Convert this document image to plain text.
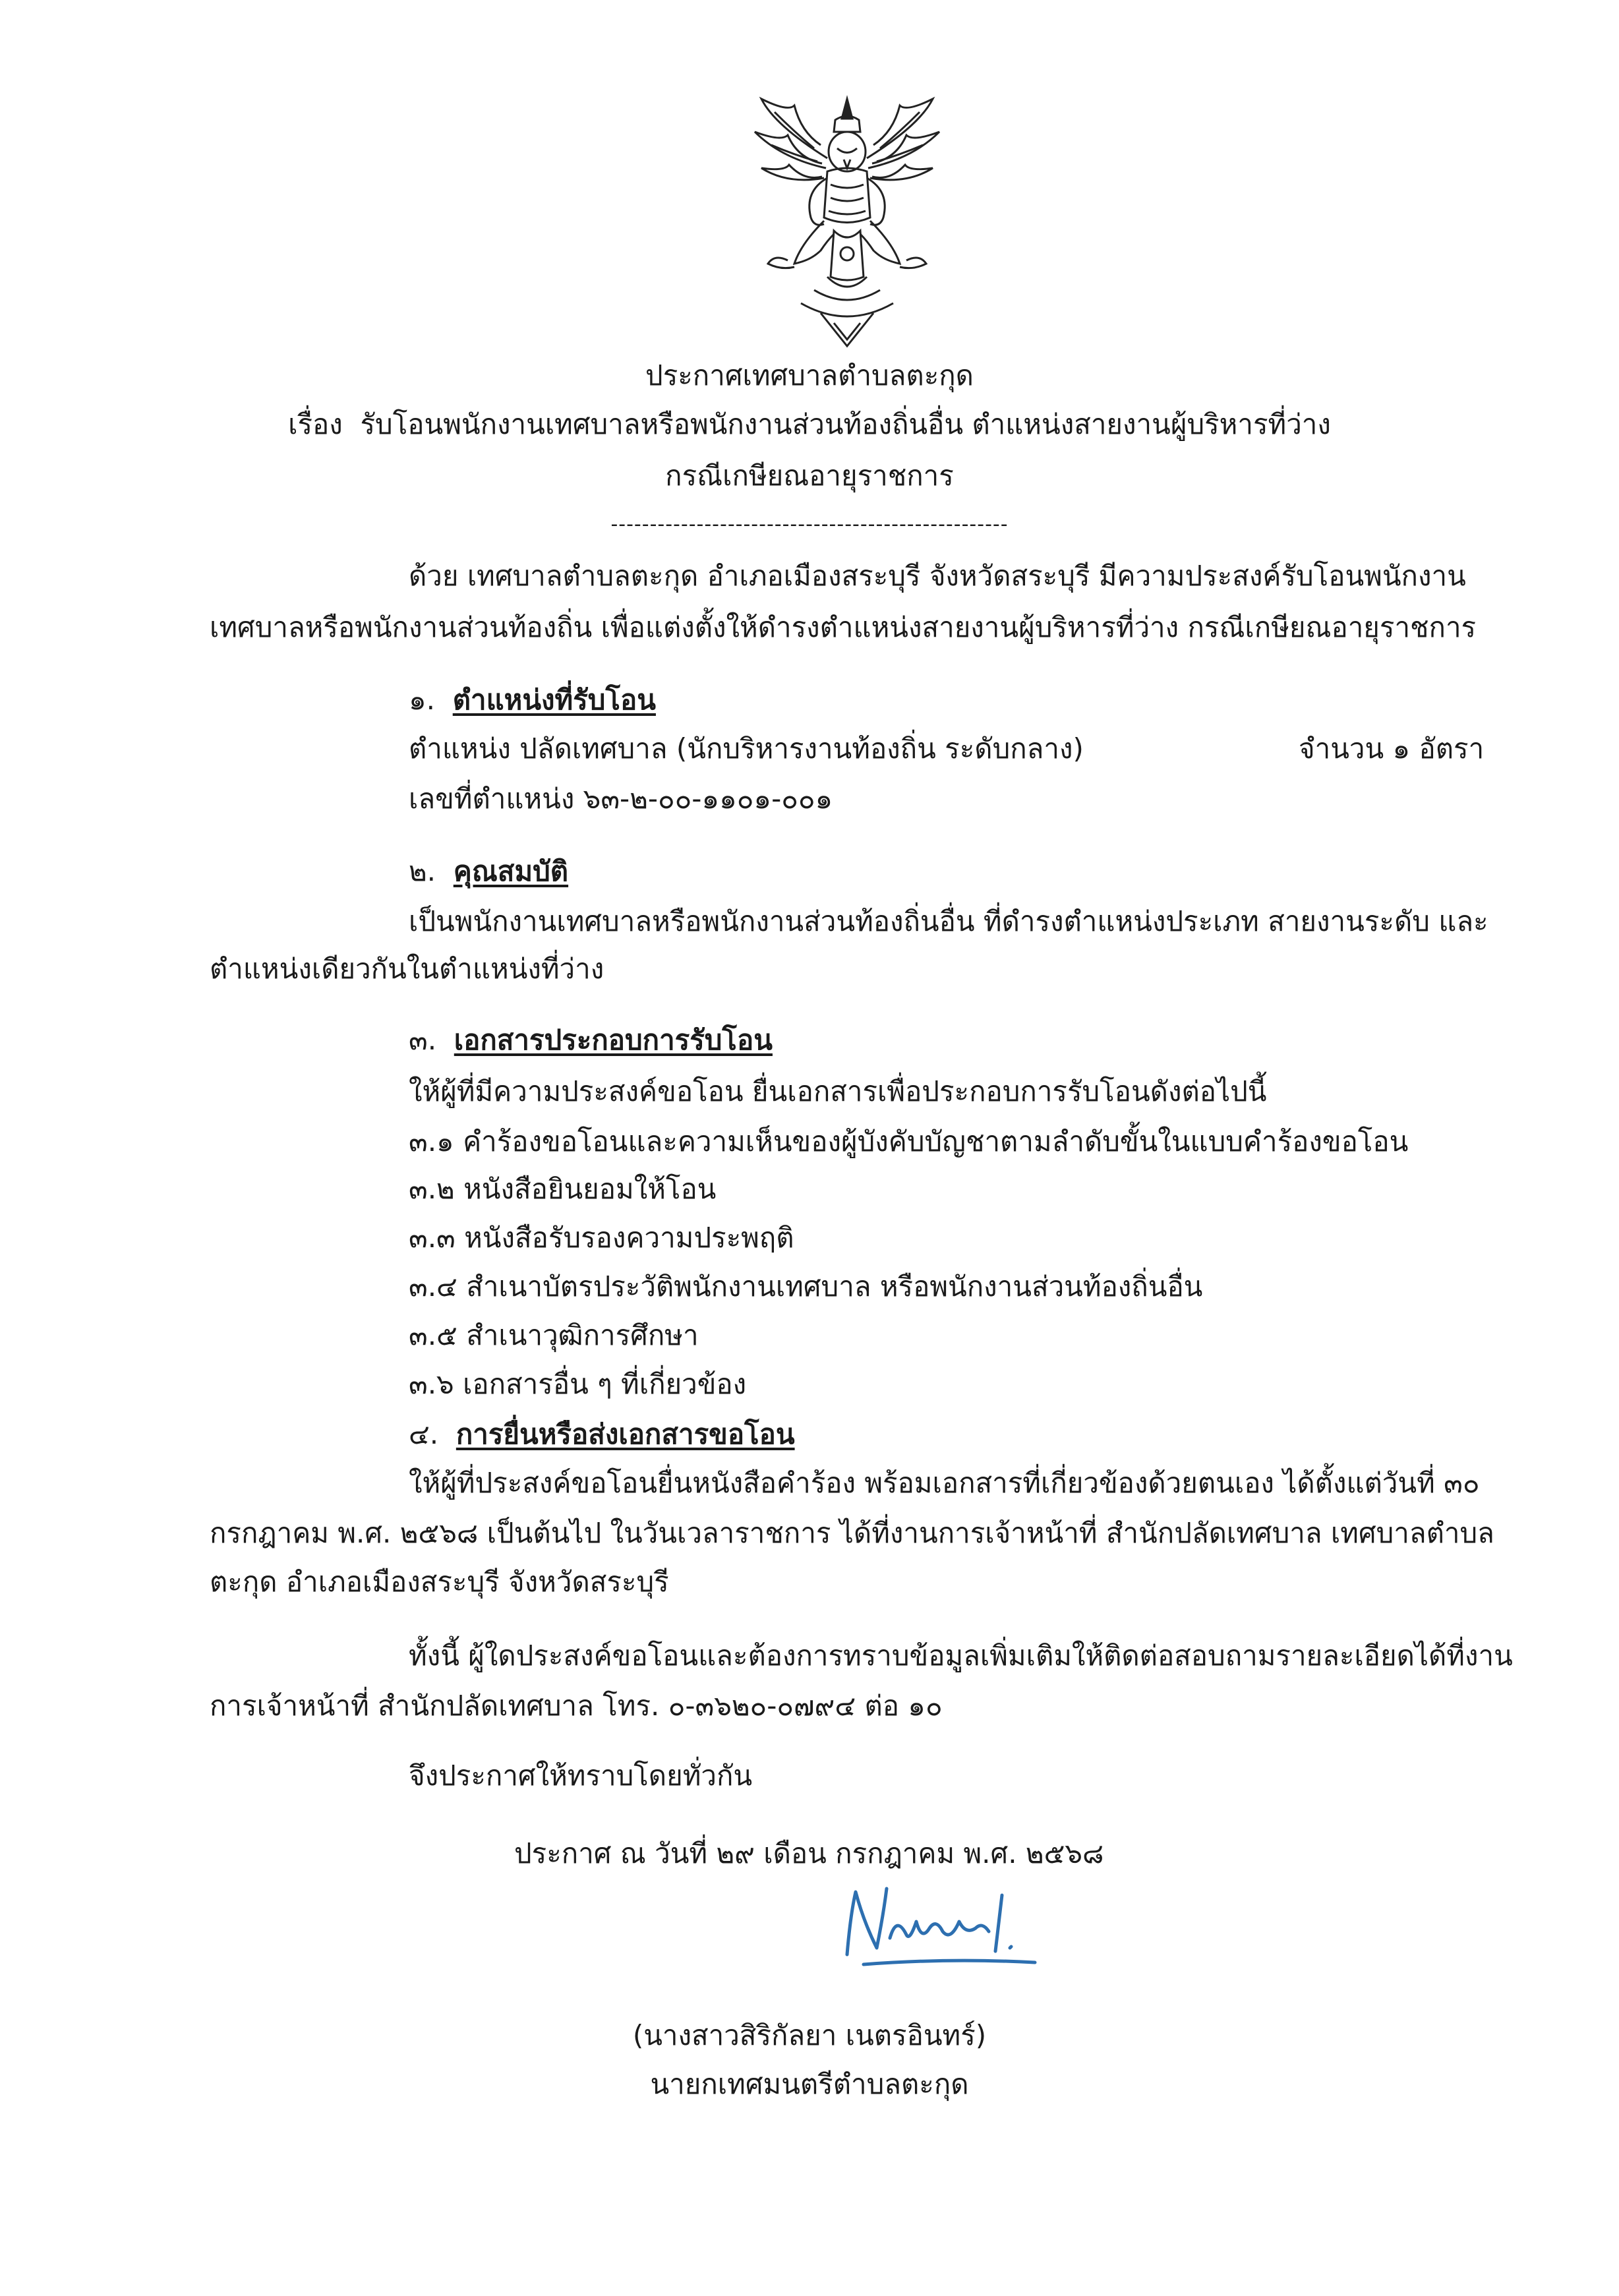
ประกาศเทศบาลตำบลตะกุด
เรื่อง รับโอนพนักงานเทศบาลหรือพนักงานส่วนท้องถิ่นอื่น ตำแหน่งสายงานผู้บริหารที่ว่าง
กรณีเกษียณอายุราชการ
---------------------------------------------------
ด้วย เทศบาลตำบลตะกุด อำเภอเมืองสระบุรี จังหวัดสระบุรี มีความประสงค์รับโอนพนักงาน
เทศบาลหรือพนักงานส่วนท้องถิ่น เพื่อแต่งตั้งให้ดำรงตำแหน่งสายงานผู้บริหารที่ว่าง กรณีเกษียณอายุราชการ
๑. ตำแหน่งที่รับโอน
ตำแหน่ง ปลัดเทศบาล (นักบริหารงานท้องถิ่น ระดับกลาง)	จำนวน ๑ อัตรา
เลขที่ตำแหน่ง ๖๓-๒-๐๐-๑๑๐๑-๐๐๑
๒. คุณสมบัติ
เป็นพนักงานเทศบาลหรือพนักงานส่วนท้องถิ่นอื่น ที่ดำรงตำแหน่งประเภท สายงานระดับ และ
ตำแหน่งเดียวกันในตำแหน่งที่ว่าง
๓. เอกสารประกอบการรับโอน
ให้ผู้ที่มีความประสงค์ขอโอน ยื่นเอกสารเพื่อประกอบการรับโอนดังต่อไปนี้
๓.๑ คำร้องขอโอนและความเห็นของผู้บังคับบัญชาตามลำดับขั้นในแบบคำร้องขอโอน
๓.๒ หนังสือยินยอมให้โอน
๓.๓ หนังสือรับรองความประพฤติ
๓.๔ สำเนาบัตรประวัติพนักงานเทศบาล หรือพนักงานส่วนท้องถิ่นอื่น
๓.๕ สำเนาวุฒิการศึกษา
๓.๖ เอกสารอื่น ๆ ที่เกี่ยวข้อง
๔. การยื่นหรือส่งเอกสารขอโอน
ให้ผู้ที่ประสงค์ขอโอนยื่นหนังสือคำร้อง พร้อมเอกสารที่เกี่ยวข้องด้วยตนเอง ได้ตั้งแต่วันที่ ๓๐
กรกฎาคม พ.ศ. ๒๕๖๘ เป็นต้นไป ในวันเวลาราชการ ได้ที่งานการเจ้าหน้าที่ สำนักปลัดเทศบาล เทศบาลตำบล
ตะกุด อำเภอเมืองสระบุรี จังหวัดสระบุรี
ทั้งนี้ ผู้ใดประสงค์ขอโอนและต้องการทราบข้อมูลเพิ่มเติมให้ติดต่อสอบถามรายละเอียดได้ที่งาน
การเจ้าหน้าที่ สำนักปลัดเทศบาล โทร. ๐-๓๖๒๐-๐๗๙๔ ต่อ ๑๐
จึงประกาศให้ทราบโดยทั่วกัน
ประกาศ ณ วันที่ ๒๙ เดือน กรกฎาคม พ.ศ. ๒๕๖๘
(นางสาวสิริกัลยา เนตรอินทร์)
นายกเทศมนตรีตำบลตะกุด
